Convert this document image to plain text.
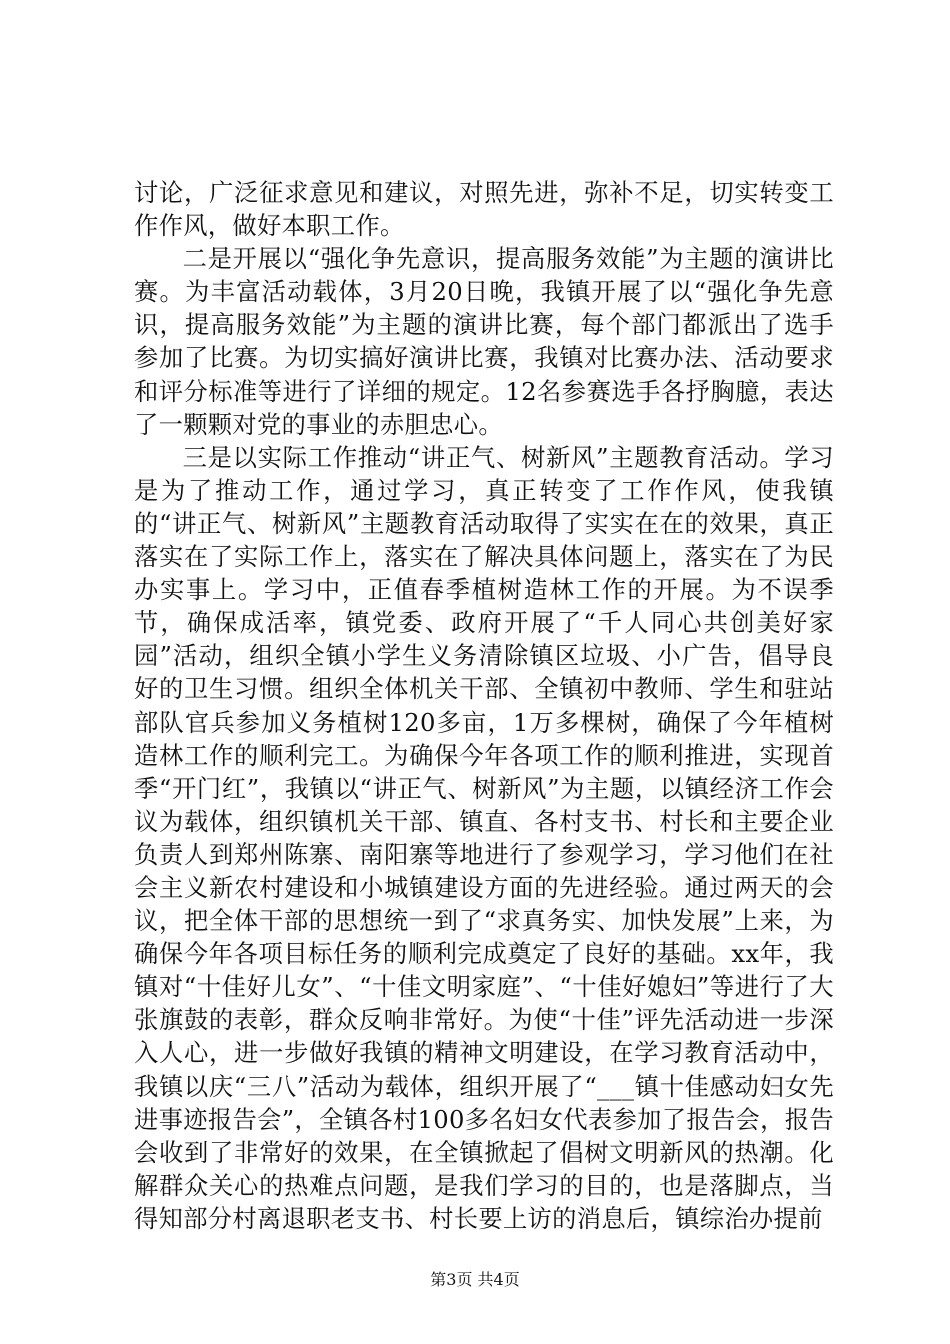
讨论，广泛征求意见和建议，对照先进，弥补不足，切实转变工作作风，做好本职工作。

二是开展以“强化争先意识，提高服务效能”为主题的演讲比赛。为丰富活动载体，3月20日晚，我镇开展了以“强化争先意识，提高服务效能”为主题的演讲比赛，每个部门都派出了选手参加了比赛。为切实搞好演讲比赛，我镇对比赛办法、活动要求和评分标准等进行了详细的规定。12名参赛选手各抒胸臆，表达了一颗颗对党的事业的赤胆忠心。

三是以实际工作推动“讲正气、树新风”主题教育活动。学习是为了推动工作，通过学习，真正转变了工作作风，使我镇的“讲正气、树新风”主题教育活动取得了实实在在的效果，真正落实在了实际工作上，落实在了解决具体问题上，落实在了为民办实事上。学习中，正值春季植树造林工作的开展。为不误季节，确保成活率，镇党委、政府开展了“千人同心共创美好家园”活动，组织全镇小学生义务清除镇区垃圾、小广告，倡导良好的卫生习惯。组织全体机关干部、全镇初中教师、学生和驻站部队官兵参加义务植树120多亩，1万多棵树，确保了今年植树造林工作的顺利完工。为确保今年各项工作的顺利推进，实现首季“开门红”，我镇以“讲正气、树新风”为主题，以镇经济工作会议为载体，组织镇机关干部、镇直、各村支书、村长和主要企业负责人到郑州陈寨、南阳寨等地进行了参观学习，学习他们在社会主义新农村建设和小城镇建设方面的先进经验。通过两天的会议，把全体干部的思想统一到了“求真务实、加快发展”上来，为确保今年各项目标任务的顺利完成奠定了良好的基础。xx年，我镇对“十佳好儿女”、“十佳文明家庭”、“十佳好媳妇”等进行了大张旗鼓的表彰，群众反响非常好。为使“十佳”评先活动进一步深入人心，进一步做好我镇的精神文明建设，在学习教育活动中，我镇以庆“三八”活动为载体，组织开展了“___镇十佳感动妇女先进事迹报告会”，全镇各村100多名妇女代表参加了报告会，报告会收到了非常好的效果，在全镇掀起了倡树文明新风的热潮。化解群众关心的热难点问题，是我们学习的目的，也是落脚点，当得知部分村离退职老支书、村长要上访的消息后，镇综治办提前

第3页 共4页
